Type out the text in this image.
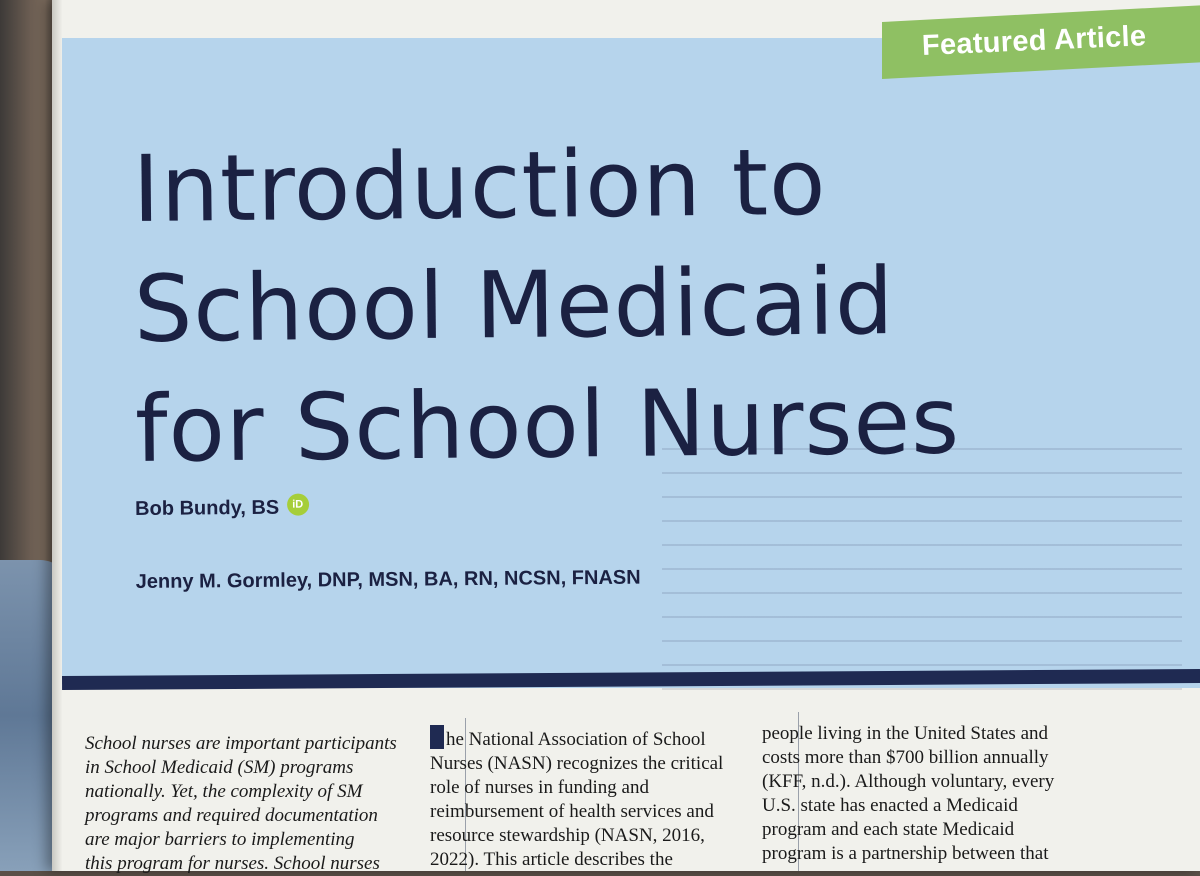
Featured Article
Introduction to
School Medicaid
for School Nurses
Bob Bundy, BS iD
Jenny M. Gormley, DNP, MSN, BA, RN, NCSN, FNASN
School nurses are important participants
in School Medicaid (SM) programs
nationally. Yet, the complexity of SM
programs and required documentation
are major barriers to implementing
this program for nurses. School nurses
he National Association of School
Nurses (NASN) recognizes the critical
role of nurses in funding and
reimbursement of health services and
resource stewardship (NASN, 2016,
2022). This article describes the
people living in the United States and
costs more than $700 billion annually
(KFF, n.d.). Although voluntary, every
U.S. state has enacted a Medicaid
program and each state Medicaid
program is a partnership between that
